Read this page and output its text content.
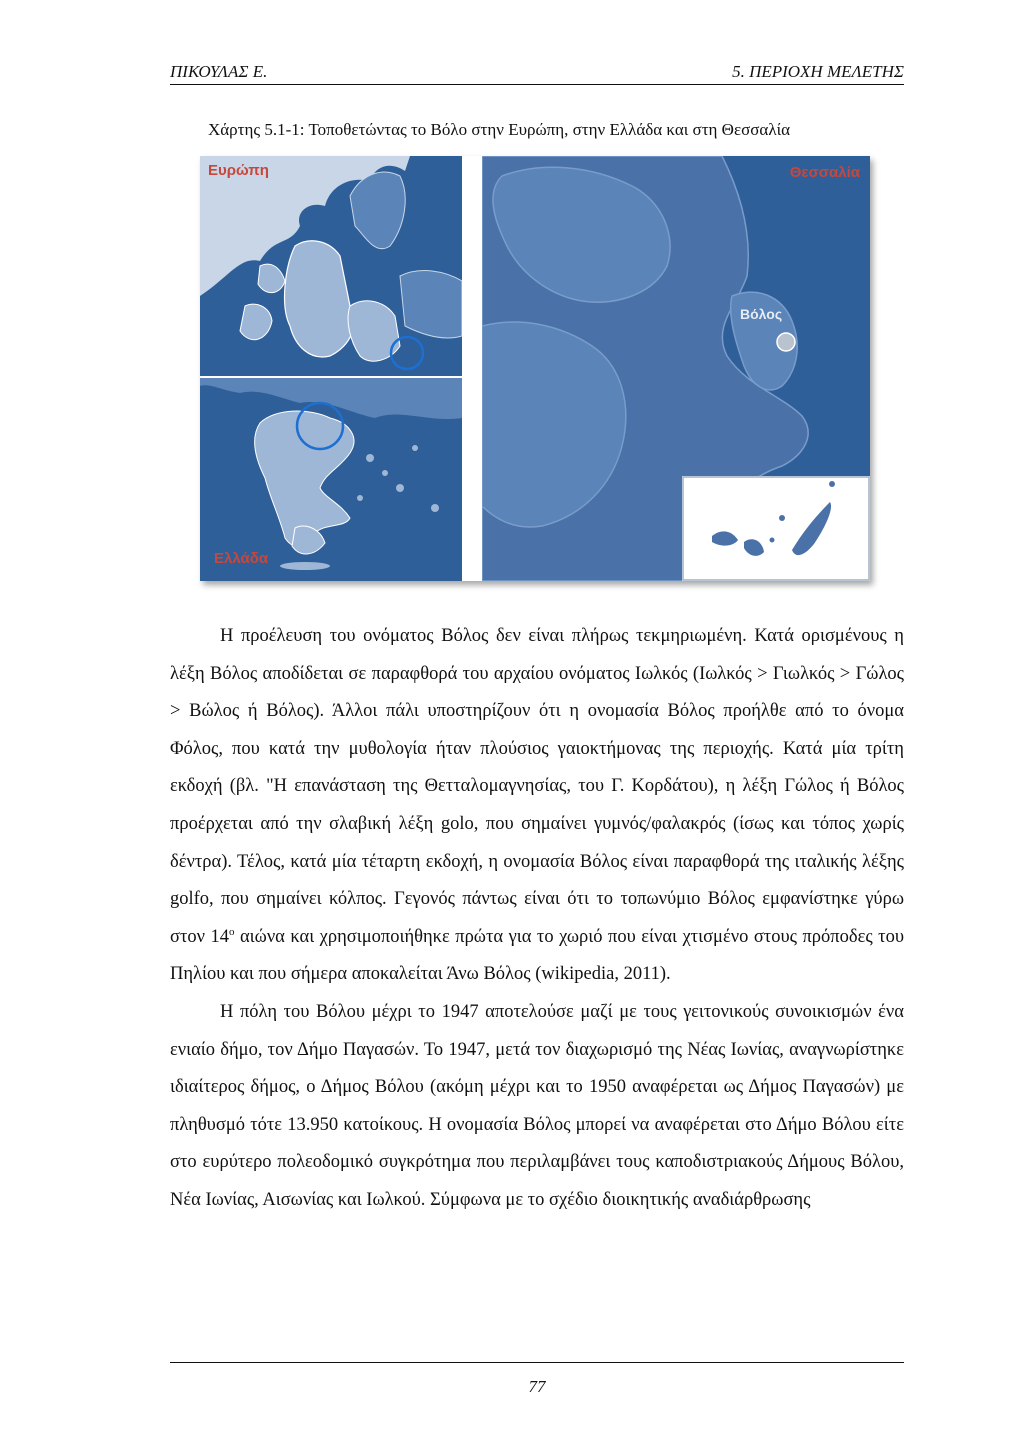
ΠΙΚΟΥΛΑΣ Ε.	5. ΠΕΡΙΟΧΗ ΜΕΛΕΤΗΣ
Χάρτης 5.1-1: Τοποθετώντας το Βόλο στην Ευρώπη, στην Ελλάδα και στη Θεσσαλία
Ευρώπη
Ελλάδα
Θεσσαλία
Βόλος

Η προέλευση του ονόματος Βόλος δεν είναι πλήρως τεκμηριωμένη. Κατά ορισμένους η λέξη Βόλος αποδίδεται σε παραφθορά του αρχαίου ονόματος Ιωλκός (Ιωλκός > Γιωλκός > Γώλος > Βώλος ή Βόλος). Άλλοι πάλι υποστηρίζουν ότι η ονομασία Βόλος προήλθε από το όνομα Φόλος, που κατά την μυθολογία ήταν πλούσιος γαιοκτήμονας της περιοχής. Κατά μία τρίτη εκδοχή (βλ. "Η επανάσταση της Θετταλομαγνησίας, του Γ. Κορδάτου), η λέξη Γώλος ή Βόλος προέρχεται από την σλαβική λέξη golo, που σημαίνει γυμνός/φαλακρός (ίσως και τόπος χωρίς δέντρα). Τέλος, κατά μία τέταρτη εκδοχή, η ονομασία Βόλος είναι παραφθορά της ιταλικής λέξης golfo, που σημαίνει κόλπος. Γεγονός πάντως είναι ότι το τοπωνύμιο Βόλος εμφανίστηκε γύρω στον $14^o$ αιώνα και χρησιμοποιήθηκε πρώτα για το χωριό που είναι χτισμένο στους πρόποδες του Πηλίου και που σήμερα αποκαλείται Άνω Βόλος (wikipedia, 2011).

Η πόλη του Βόλου μέχρι το 1947 αποτελούσε μαζί με τους γειτονικούς συνοικισμών ένα ενιαίο δήμο, τον Δήμο Παγασών. Το 1947, μετά τον διαχωρισμό της Νέας Ιωνίας, αναγνωρίστηκε ιδιαίτερος δήμος, ο Δήμος Βόλου (ακόμη μέχρι και το 1950 αναφέρεται ως Δήμος Παγασών) με πληθυσμό τότε 13.950 κατοίκους. Η ονομασία Βόλος μπορεί να αναφέρεται στο Δήμο Βόλου είτε στο ευρύτερο πολεοδομικό συγκρότημα που περιλαμβάνει τους καποδιστριακούς Δήμους Βόλου, Νέα Ιωνίας, Αισωνίας και Ιωλκού. Σύμφωνα με το σχέδιο διοικητικής αναδιάρθρωσης

77
